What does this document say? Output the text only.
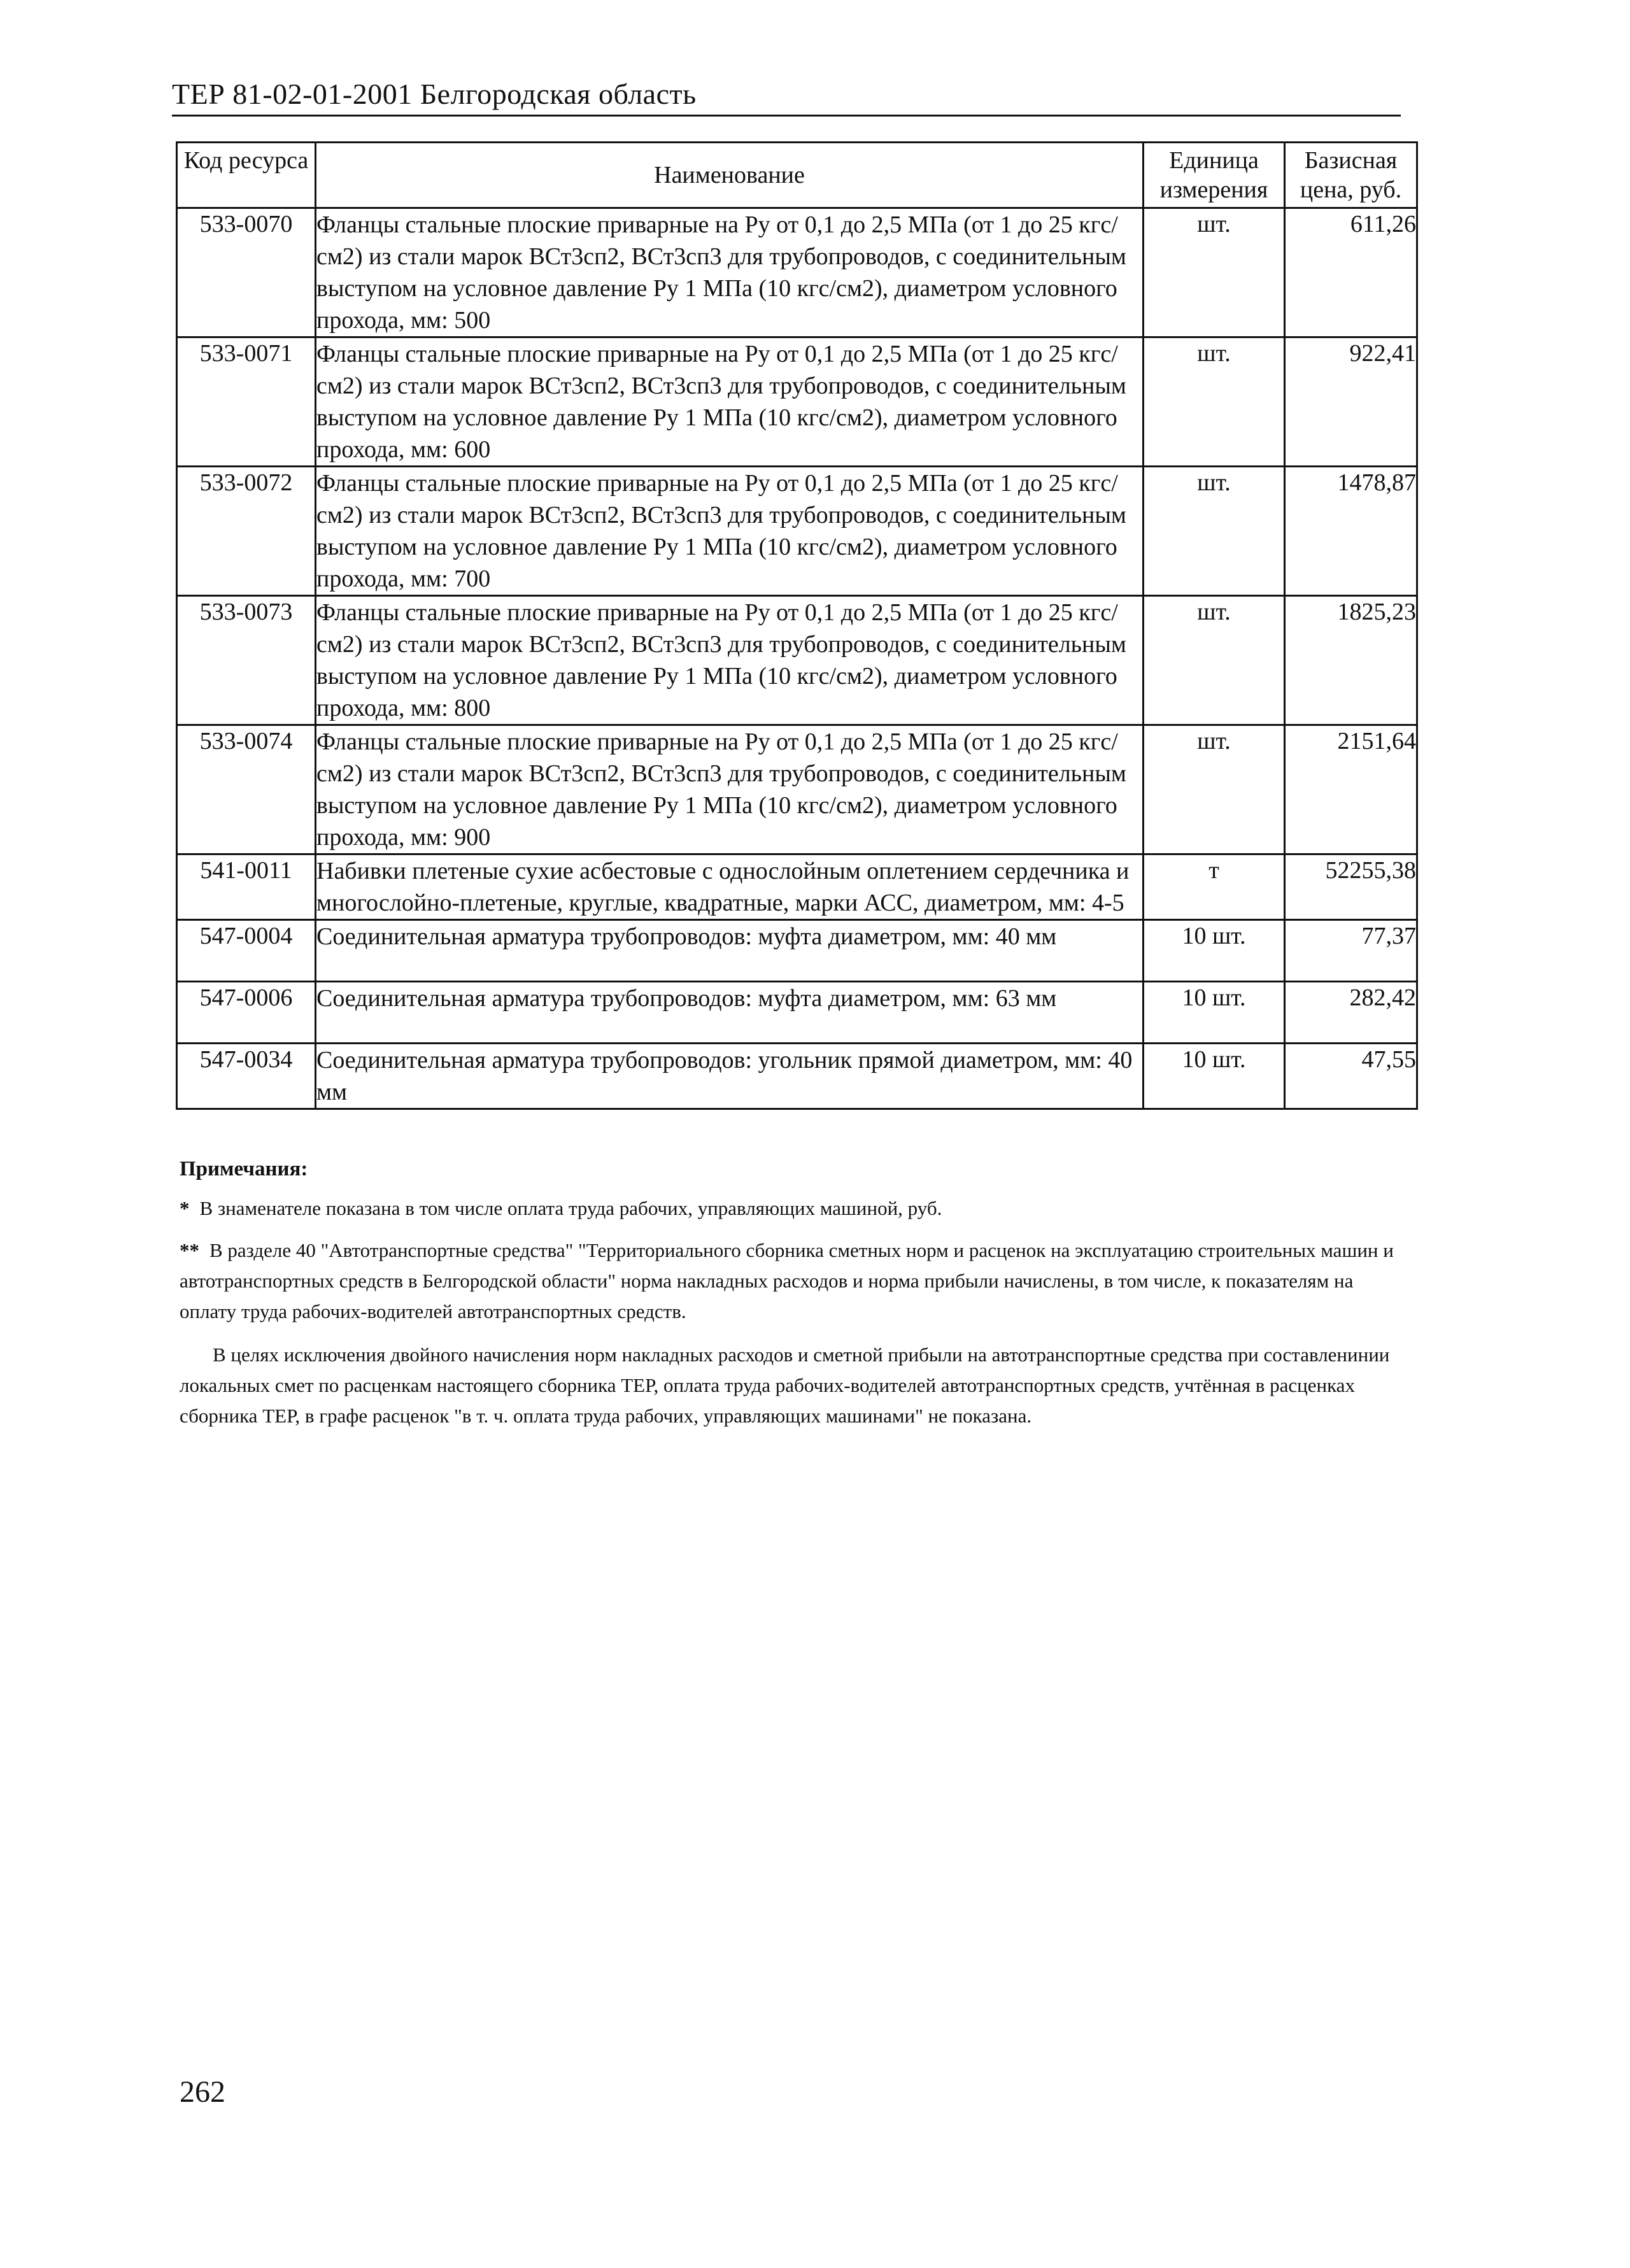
ТЕР 81-02-01-2001 Белгородская область
Код ресурса	Наименование	Единица измерения	Базисная цена, руб.
533-0070	Фланцы стальные плоские приварные на Ру от 0,1 до 2,5 МПа (от 1 до 25 кгс/см2) из стали марок ВСт3сп2, ВСт3сп3 для трубопроводов, с соединительным выступом на условное давление Ру 1 МПа (10 кгс/см2), диаметром условного прохода, мм: 500	шт.	611,26
533-0071	Фланцы стальные плоские приварные на Ру от 0,1 до 2,5 МПа (от 1 до 25 кгс/см2) из стали марок ВСт3сп2, ВСт3сп3 для трубопроводов, с соединительным выступом на условное давление Ру 1 МПа (10 кгс/см2), диаметром условного прохода, мм: 600	шт.	922,41
533-0072	Фланцы стальные плоские приварные на Ру от 0,1 до 2,5 МПа (от 1 до 25 кгс/см2) из стали марок ВСт3сп2, ВСт3сп3 для трубопроводов, с соединительным выступом на условное давление Ру 1 МПа (10 кгс/см2), диаметром условного прохода, мм: 700	шт.	1478,87
533-0073	Фланцы стальные плоские приварные на Ру от 0,1 до 2,5 МПа (от 1 до 25 кгс/см2) из стали марок ВСт3сп2, ВСт3сп3 для трубопроводов, с соединительным выступом на условное давление Ру 1 МПа (10 кгс/см2), диаметром условного прохода, мм: 800	шт.	1825,23
533-0074	Фланцы стальные плоские приварные на Ру от 0,1 до 2,5 МПа (от 1 до 25 кгс/см2) из стали марок ВСт3сп2, ВСт3сп3 для трубопроводов, с соединительным выступом на условное давление Ру 1 МПа (10 кгс/см2), диаметром условного прохода, мм: 900	шт.	2151,64
541-0011	Набивки плетеные сухие асбестовые с однослойным оплетением сердечника и многослойно-плетеные, круглые, квадратные, марки АСС, диаметром, мм: 4-5	т	52255,38
547-0004	Соединительная арматура трубопроводов: муфта диаметром, мм: 40 мм	10 шт.	77,37
547-0006	Соединительная арматура трубопроводов: муфта диаметром, мм: 63 мм	10 шт.	282,42
547-0034	Соединительная арматура трубопроводов: угольник прямой диаметром, мм: 40 мм	10 шт.	47,55
Примечания:
* В знаменателе показана в том числе оплата труда рабочих, управляющих машиной, руб.
** В разделе 40 "Автотранспортные средства" "Территориального сборника сметных норм и расценок на эксплуатацию строительных машин и автотранспортных средств в Белгородской области" норма накладных расходов и норма прибыли начислены, в том числе, к показателям на оплату труда рабочих-водителей автотранспортных средств.
В целях исключения двойного начисления норм накладных расходов и сметной прибыли на автотранспортные средства при составленинии локальных смет по расценкам настоящего сборника ТЕР, оплата труда рабочих-водителей автотранспортных средств, учтённая в расценках сборника ТЕР, в графе расценок "в т. ч. оплата труда рабочих, управляющих машинами" не показана.
262
